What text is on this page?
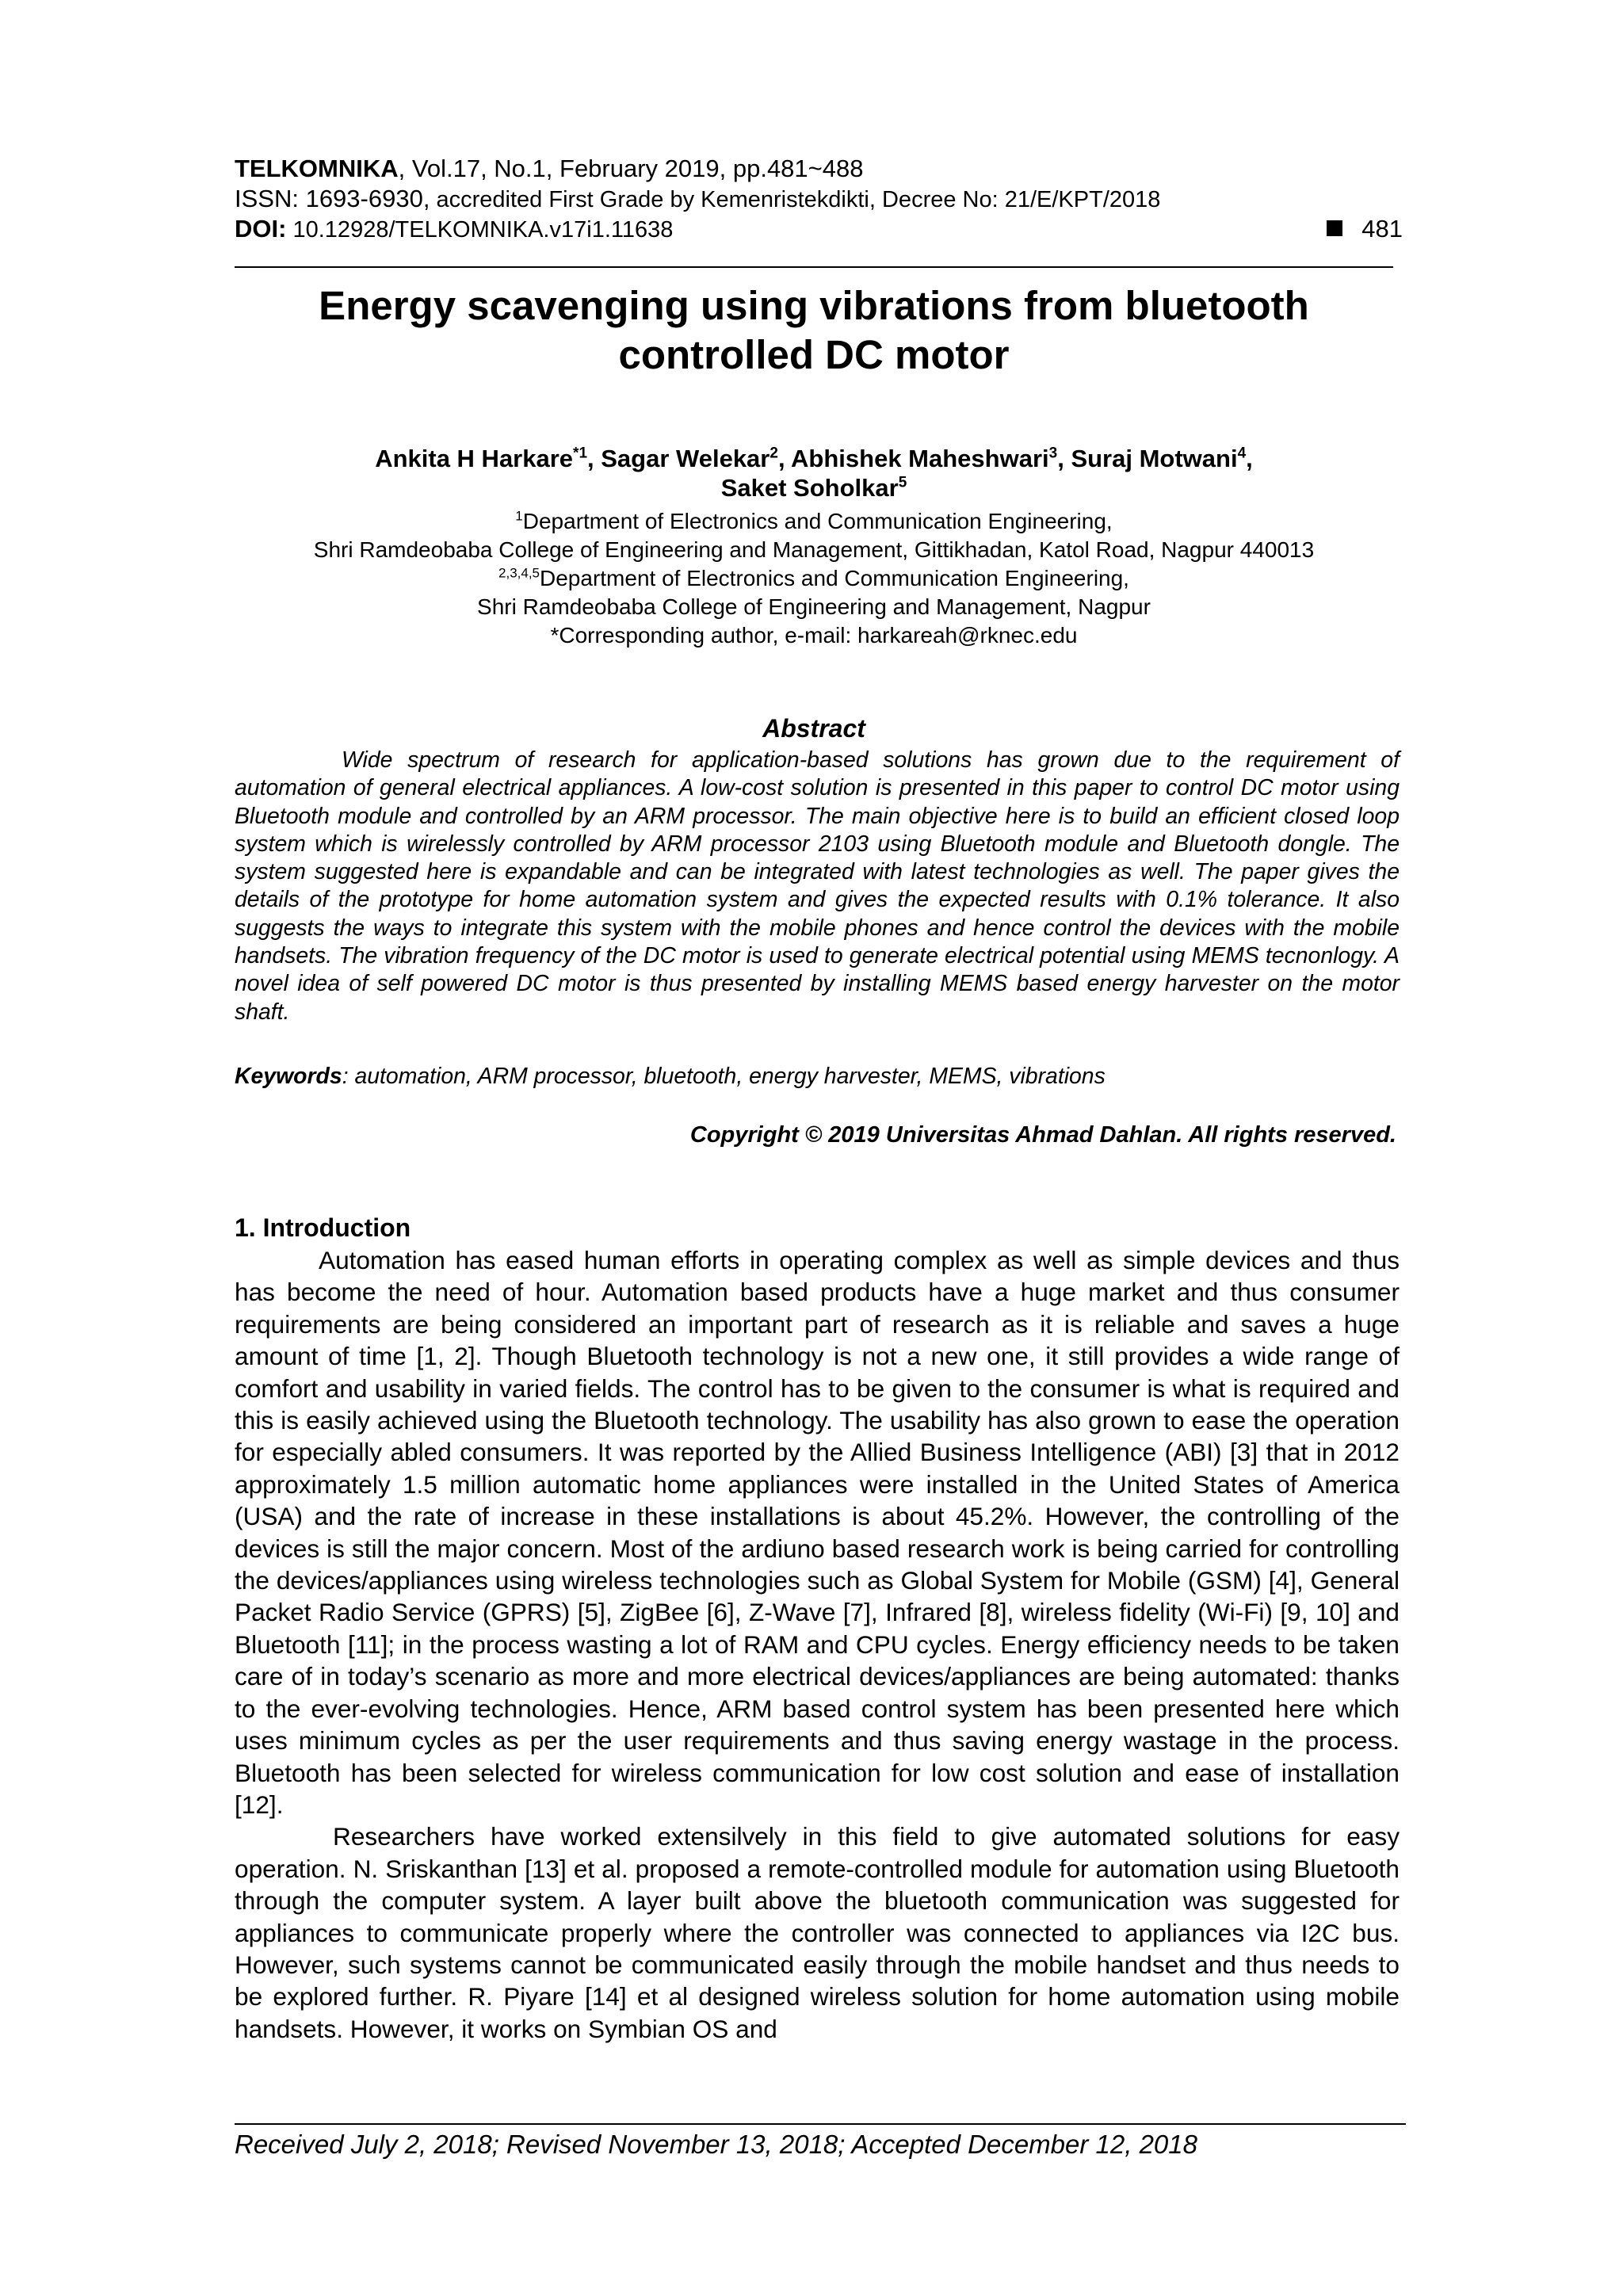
TELKOMNIKA, Vol.17, No.1, February 2019, pp.481~488
ISSN: 1693-6930, accredited First Grade by Kemenristekdikti, Decree No: 21/E/KPT/2018
DOI: 10.12928/TELKOMNIKA.v17i1.11638	481
Energy scavenging using vibrations from bluetooth
controlled DC motor
Ankita H Harkare$^{*1}$, Sagar Welekar$^2$, Abhishek Maheshwari$^3$, Suraj Motwani$^4$,
Saket Soholkar$^5$
$^1$Department of Electronics and Communication Engineering,
Shri Ramdeobaba College of Engineering and Management, Gittikhadan, Katol Road, Nagpur 440013
$^{2,3,4,5}$Department of Electronics and Communication Engineering,
Shri Ramdeobaba College of Engineering and Management, Nagpur
*Corresponding author, e-mail: harkareah@rknec.edu
Abstract
Wide spectrum of research for application-based solutions has grown due to the requirement of automation of general electrical appliances. A low-cost solution is presented in this paper to control DC motor using Bluetooth module and controlled by an ARM processor. The main objective here is to build an efficient closed loop system which is wirelessly controlled by ARM processor 2103 using Bluetooth module and Bluetooth dongle. The system suggested here is expandable and can be integrated with latest technologies as well. The paper gives the details of the prototype for home automation system and gives the expected results with 0.1% tolerance. It also suggests the ways to integrate this system with the mobile phones and hence control the devices with the mobile handsets. The vibration frequency of the DC motor is used to generate electrical potential using MEMS tecnonlogy. A novel idea of self powered DC motor is thus presented by installing MEMS based energy harvester on the motor shaft.
Keywords: automation, ARM processor, bluetooth, energy harvester, MEMS, vibrations
Copyright © 2019 Universitas Ahmad Dahlan. All rights reserved.
1. Introduction

Automation has eased human efforts in operating complex as well as simple devices and thus has become the need of hour. Automation based products have a huge market and thus consumer requirements are being considered an important part of research as it is reliable and saves a huge amount of time [1, 2]. Though Bluetooth technology is not a new one, it still provides a wide range of comfort and usability in varied fields. The control has to be given to the consumer is what is required and this is easily achieved using the Bluetooth technology. The usability has also grown to ease the operation for especially abled consumers. It was reported by the Allied Business Intelligence (ABI) [3] that in 2012 approximately 1.5 million automatic home appliances were installed in the United States of America (USA) and the rate of increase in these installations is about 45.2%. However, the controlling of the devices is still the major concern. Most of the ardiuno based research work is being carried for controlling the devices/appliances using wireless technologies such as Global System for Mobile (GSM) [4], General Packet Radio Service (GPRS) [5], ZigBee [6], Z-Wave [7], Infrared [8], wireless fidelity (Wi-Fi) [9, 10] and Bluetooth [11]; in the process wasting a lot of RAM and CPU cycles. Energy efficiency needs to be taken care of in today’s scenario as more and more electrical devices/appliances are being automated: thanks to the ever-evolving technologies. Hence, ARM based control system has been presented here which uses minimum cycles as per the user requirements and thus saving energy wastage in the process. Bluetooth has been selected for wireless communication for low cost solution and ease of installation [12].

Researchers have worked extensilvely in this field to give automated solutions for easy operation. N. Sriskanthan [13] et al. proposed a remote-controlled module for automation using Bluetooth through the computer system. A layer built above the bluetooth communication was suggested for appliances to communicate properly where the controller was connected to appliances via I2C bus. However, such systems cannot be communicated easily through the mobile handset and thus needs to be explored further. R. Piyare [14] et al designed wireless solution for home automation using mobile handsets. However, it works on Symbian OS and

Received July 2, 2018; Revised November 13, 2018; Accepted December 12, 2018
